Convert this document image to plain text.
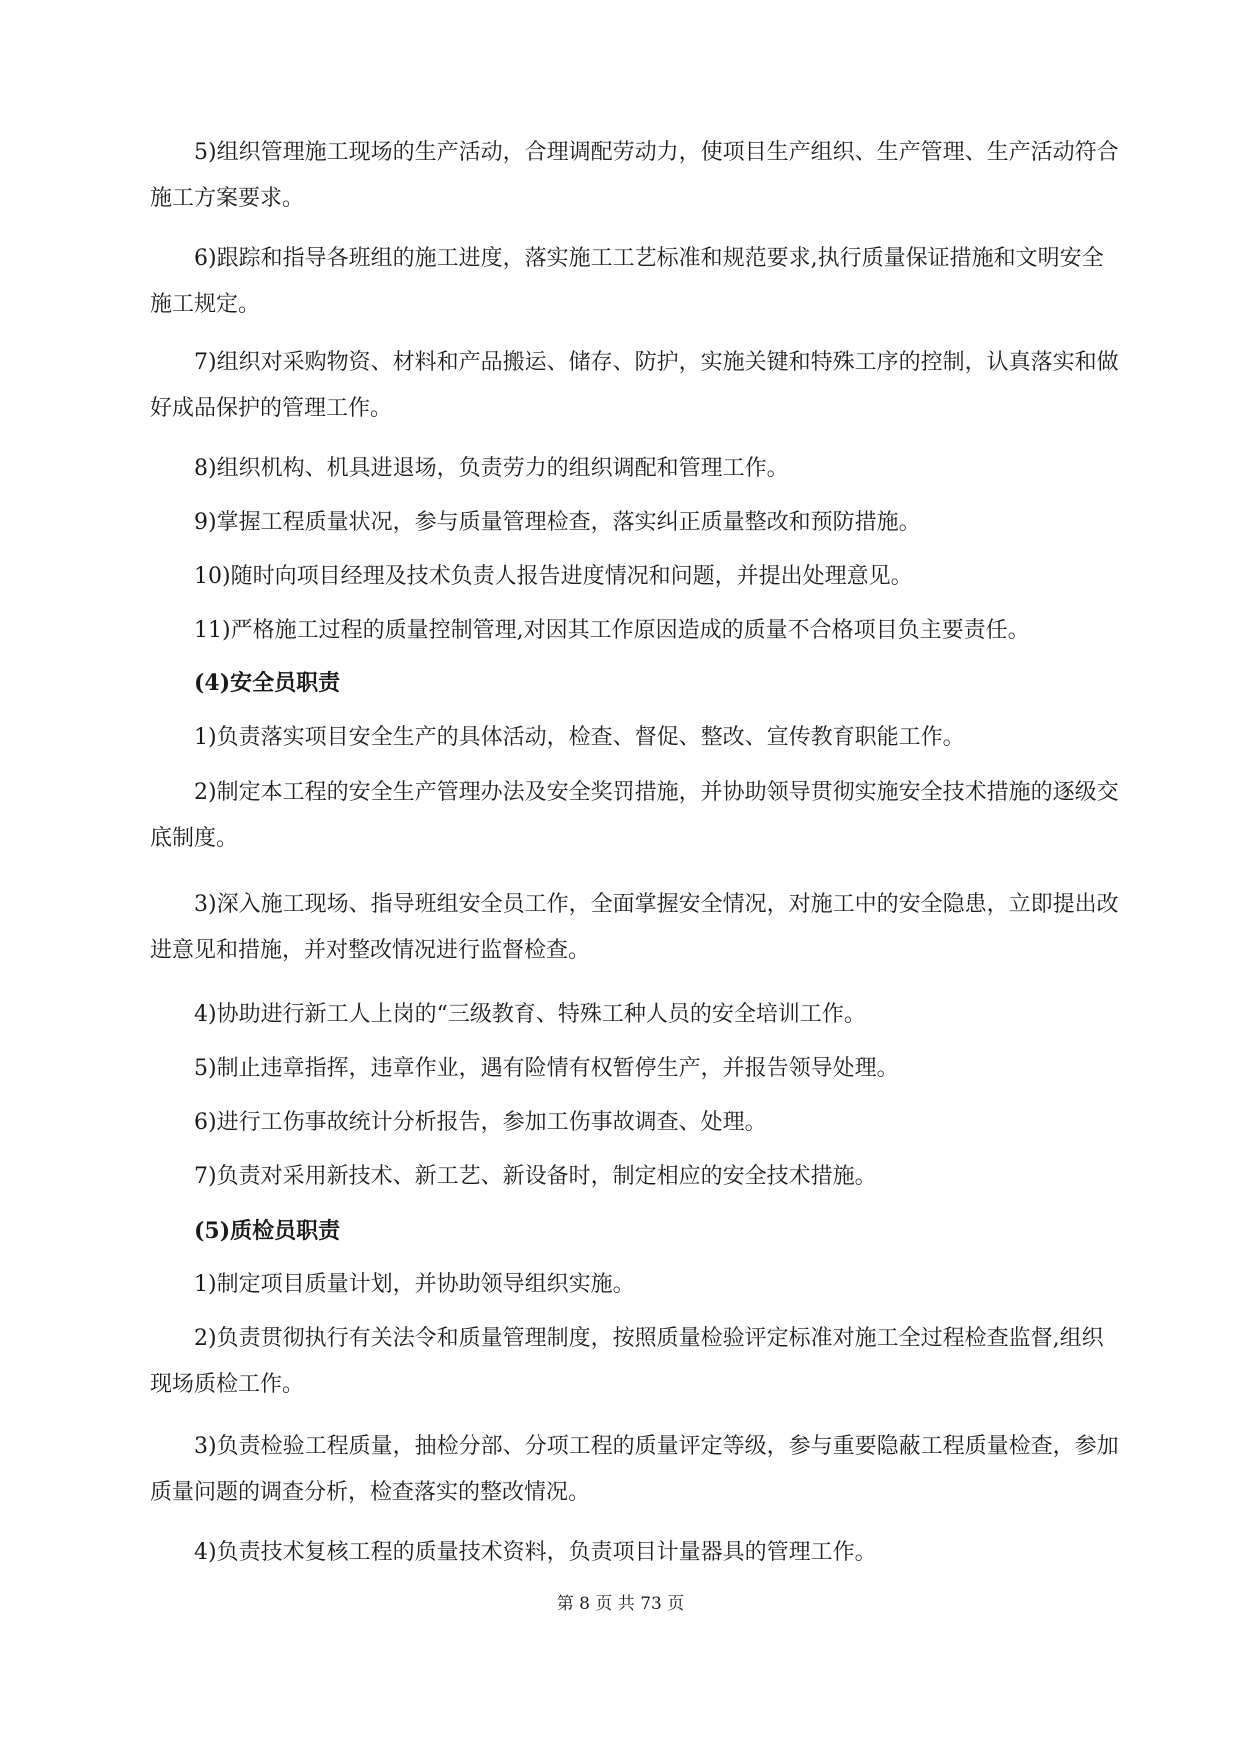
5)组织管理施工现场的生产活动，合理调配劳动力，使项目生产组织、生产管理、生产活动符合施工方案要求。

6)跟踪和指导各班组的施工进度，落实施工工艺标准和规范要求,执行质量保证措施和文明安全施工规定。

7)组织对采购物资、材料和产品搬运、储存、防护，实施关键和特殊工序的控制，认真落实和做好成品保护的管理工作。

8)组织机构、机具进退场，负责劳力的组织调配和管理工作。

9)掌握工程质量状况，参与质量管理检查，落实纠正质量整改和预防措施。

10)随时向项目经理及技术负责人报告进度情况和问题，并提出处理意见。

11)严格施工过程的质量控制管理,对因其工作原因造成的质量不合格项目负主要责任。

(4)安全员职责

1)负责落实项目安全生产的具体活动，检查、督促、整改、宣传教育职能工作。

2)制定本工程的安全生产管理办法及安全奖罚措施，并协助领导贯彻实施安全技术措施的逐级交底制度。

3)深入施工现场、指导班组安全员工作，全面掌握安全情况，对施工中的安全隐患，立即提出改进意见和措施，并对整改情况进行监督检查。

4)协助进行新工人上岗的“三级教育、特殊工种人员的安全培训工作。

5)制止违章指挥，违章作业，遇有险情有权暂停生产，并报告领导处理。

6)进行工伤事故统计分析报告，参加工伤事故调查、处理。

7)负责对采用新技术、新工艺、新设备时，制定相应的安全技术措施。

(5)质检员职责

1)制定项目质量计划，并协助领导组织实施。

2)负责贯彻执行有关法令和质量管理制度，按照质量检验评定标准对施工全过程检查监督,组织现场质检工作。

3)负责检验工程质量，抽检分部、分项工程的质量评定等级，参与重要隐蔽工程质量检查，参加质量问题的调查分析，检查落实的整改情况。

4)负责技术复核工程的质量技术资料，负责项目计量器具的管理工作。

第 8 页 共 73 页
